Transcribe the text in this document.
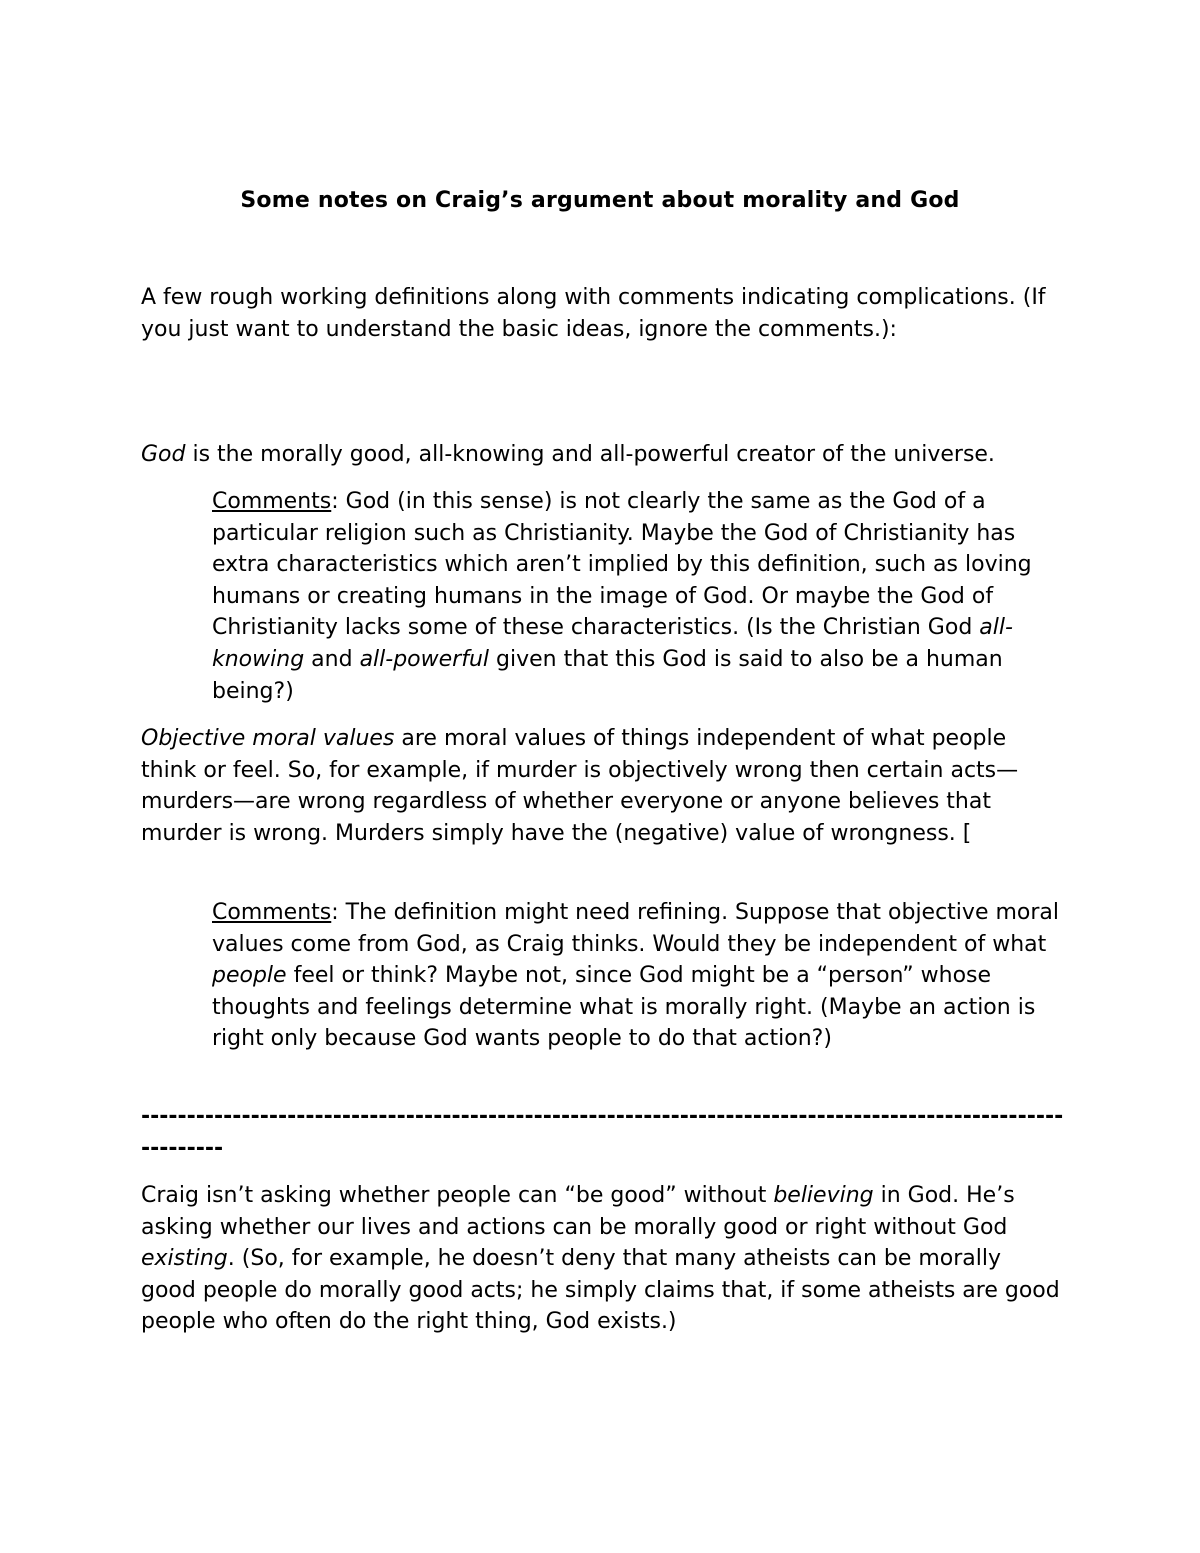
Some notes on Craig’s argument about morality and God

A few rough working definitions along with comments indicating complications. (If you just want to understand the basic ideas, ignore the comments.):

God is the morally good, all-knowing and all-powerful creator of the universe.

Comments: God (in this sense) is not clearly the same as the God of a particular religion such as Christianity. Maybe the God of Christianity has extra characteristics which aren’t implied by this definition, such as loving humans or creating humans in the image of God. Or maybe the God of Christianity lacks some of these characteristics. (Is the Christian God all-knowing and all-powerful given that this God is said to also be a human being?)

Objective moral values are moral values of things independent of what people think or feel. So, for example, if murder is objectively wrong then certain acts—murders—are wrong regardless of whether everyone or anyone believes that murder is wrong. Murders simply have the (negative) value of wrongness. [

Comments: The definition might need refining. Suppose that objective moral values come from God, as Craig thinks. Would they be independent of what people feel or think? Maybe not, since God might be a “person” whose thoughts and feelings determine what is morally right. (Maybe an action is right only because God wants people to do that action?)

--------------------------------------------------------------------------------------------------------------

Craig isn’t asking whether people can “be good” without believing in God. He’s asking whether our lives and actions can be morally good or right without God existing. (So, for example, he doesn’t deny that many atheists can be morally good people do morally good acts; he simply claims that, if some atheists are good people who often do the right thing, God exists.)
